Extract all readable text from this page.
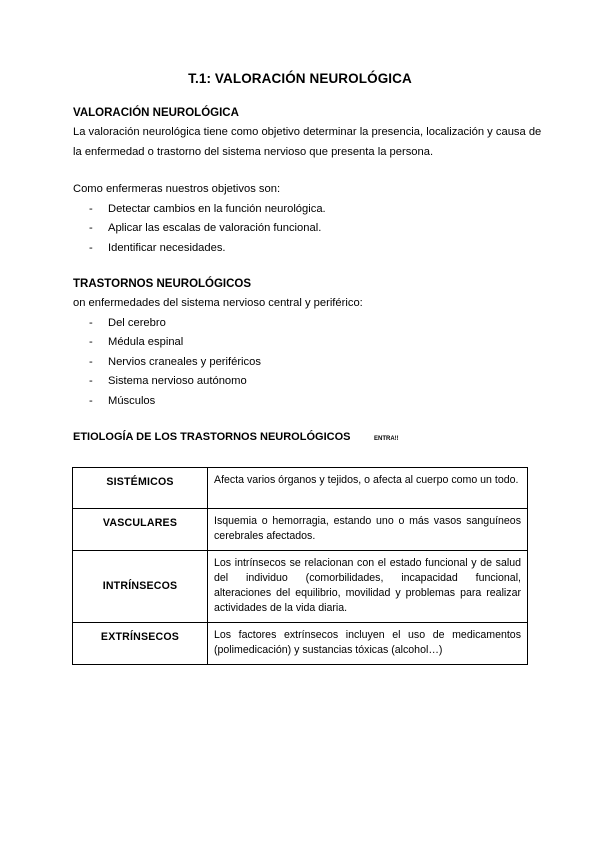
T.1: VALORACIÓN NEUROLÓGICA
VALORACIÓN NEUROLÓGICA
La valoración neurológica tiene como objetivo determinar la presencia, localización y causa de la enfermedad o trastorno del sistema nervioso que presenta la persona.
Como enfermeras nuestros objetivos son:
- Detectar cambios en la función neurológica.
- Aplicar las escalas de valoración funcional.
- Identificar necesidades.
TRASTORNOS NEUROLÓGICOS
on enfermedades del sistema nervioso central y periférico:
- Del cerebro
- Médula espinal
- Nervios craneales y periféricos
- Sistema nervioso autónomo
- Músculos
ETIOLOGÍA DE LOS TRASTORNOS NEUROLÓGICOS	ENTRA!!
SISTÉMICOS	Afecta varios órganos y tejidos, o afecta al cuerpo como un todo.
VASCULARES	Isquemia o hemorragia, estando uno o más vasos sanguíneos cerebrales afectados.
INTRÍNSECOS	Los intrínsecos se relacionan con el estado funcional y de salud del individuo (comorbilidades, incapacidad funcional, alteraciones del equilibrio, movilidad y problemas para realizar actividades de la vida diaria.
EXTRÍNSECOS	Los factores extrínsecos incluyen el uso de medicamentos (polimedicación) y sustancias tóxicas (alcohol…)
